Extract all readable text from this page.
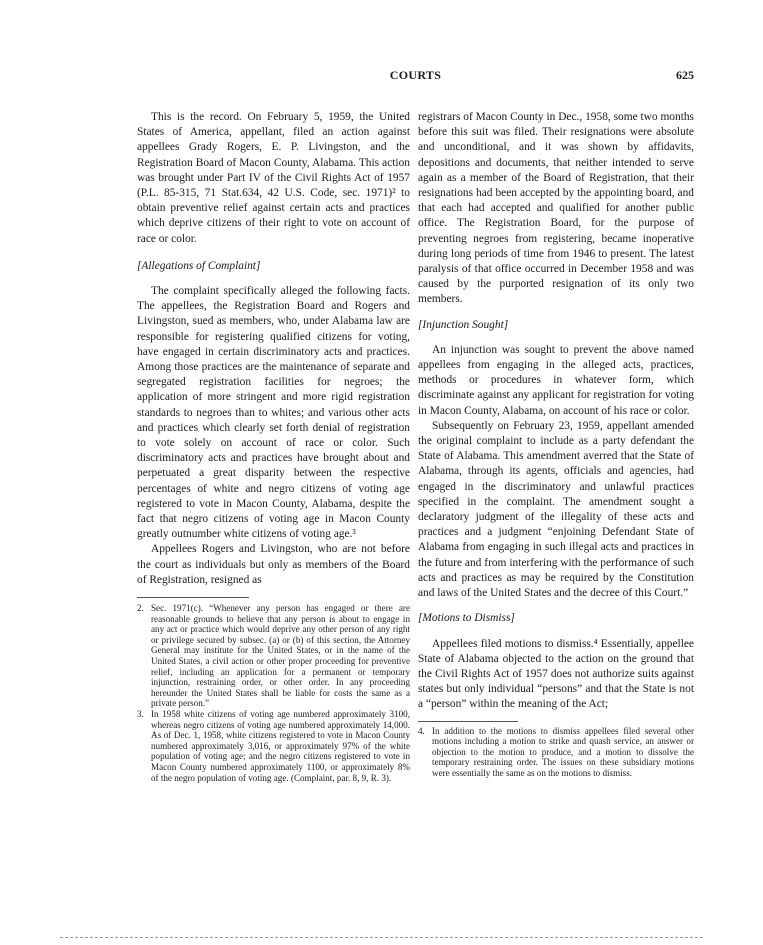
COURTS	625

This is the record. On February 5, 1959, the United States of America, appellant, filed an action against appellees Grady Rogers, E. P. Livingston, and the Registration Board of Macon County, Alabama. This action was brought under Part IV of the Civil Rights Act of 1957 (P.L. 85-315, 71 Stat.634, 42 U.S. Code, sec. 1971)² to obtain preventive relief against certain acts and practices which deprive citizens of their right to vote on account of race or color.

[Allegations of Complaint]

The complaint specifically alleged the following facts. The appellees, the Registration Board and Rogers and Livingston, sued as members, who, under Alabama law are responsible for registering qualified citizens for voting, have engaged in certain discriminatory acts and practices. Among those practices are the maintenance of separate and segregated registration facilities for negroes; the application of more stringent and more rigid registration standards to negroes than to whites; and various other acts and practices which clearly set forth denial of registration to vote solely on account of race or color. Such discriminatory acts and practices have brought about and perpetuated a great disparity between the respective percentages of white and negro citizens of voting age registered to vote in Macon County, Alabama, despite the fact that negro citizens of voting age in Macon County greatly outnumber white citizens of voting age.³

Appellees Rogers and Livingston, who are not before the court as individuals but only as members of the Board of Registration, resigned as

2. Sec. 1971(c). “Whenever any person has engaged or there are reasonable grounds to believe that any person is about to engage in any act or practice which would deprive any other person of any right or privilege secured by subsec. (a) or (b) of this section, the Attorney General may institute for the United States, or in the name of the United States, a civil action or other proper proceeding for preventive relief, including an application for a permanent or temporary injunction, restraining order, or other order. In any proceeding hereunder the United States shall be liable for costs the same as a private person.”
3. In 1958 white citizens of voting age numbered approximately 3100, whereas negro citizens of voting age numbered approximately 14,000. As of Dec. 1, 1958, white citizens registered to vote in Macon County numbered approximately 3,016, or approximately 97% of the white population of voting age; and the negro citizens registered to vote in Macon County numbered approximately 1100, or approximately 8% of the negro population of voting age. (Complaint, par. 8, 9, R. 3).

registrars of Macon County in Dec., 1958, some two months before this suit was filed. Their resignations were absolute and unconditional, and it was shown by affidavits, depositions and documents, that neither intended to serve again as a member of the Board of Registration, that their resignations had been accepted by the appointing board, and that each had accepted and qualified for another public office. The Registration Board, for the purpose of preventing negroes from registering, became inoperative during long periods of time from 1946 to present. The latest paralysis of that office occurred in December 1958 and was caused by the purported resignation of its only two members.

[Injunction Sought]

An injunction was sought to prevent the above named appellees from engaging in the alleged acts, practices, methods or procedures in whatever form, which discriminate against any applicant for registration for voting in Macon County, Alabama, on account of his race or color.

Subsequently on February 23, 1959, appellant amended the original complaint to include as a party defendant the State of Alabama. This amendment averred that the State of Alabama, through its agents, officials and agencies, had engaged in the discriminatory and unlawful practices specified in the complaint. The amendment sought a declaratory judgment of the illegality of these acts and practices and a judgment “enjoining Defendant State of Alabama from engaging in such illegal acts and practices in the future and from interfering with the performance of such acts and practices as may be required by the Constitution and laws of the United States and the decree of this Court.”

[Motions to Dismiss]

Appellees filed motions to dismiss.⁴ Essentially, appellee State of Alabama objected to the action on the ground that the Civil Rights Act of 1957 does not authorize suits against states but only individual “persons” and that the State is not a “person” within the meaning of the Act;

4. In addition to the motions to dismiss appellees filed several other motions including a motion to strike and quash service, an answer or objection to the motion to produce, and a motion to dissolve the temporary restraining order. The issues on these subsidiary motions were essentially the same as on the motions to dismiss.
